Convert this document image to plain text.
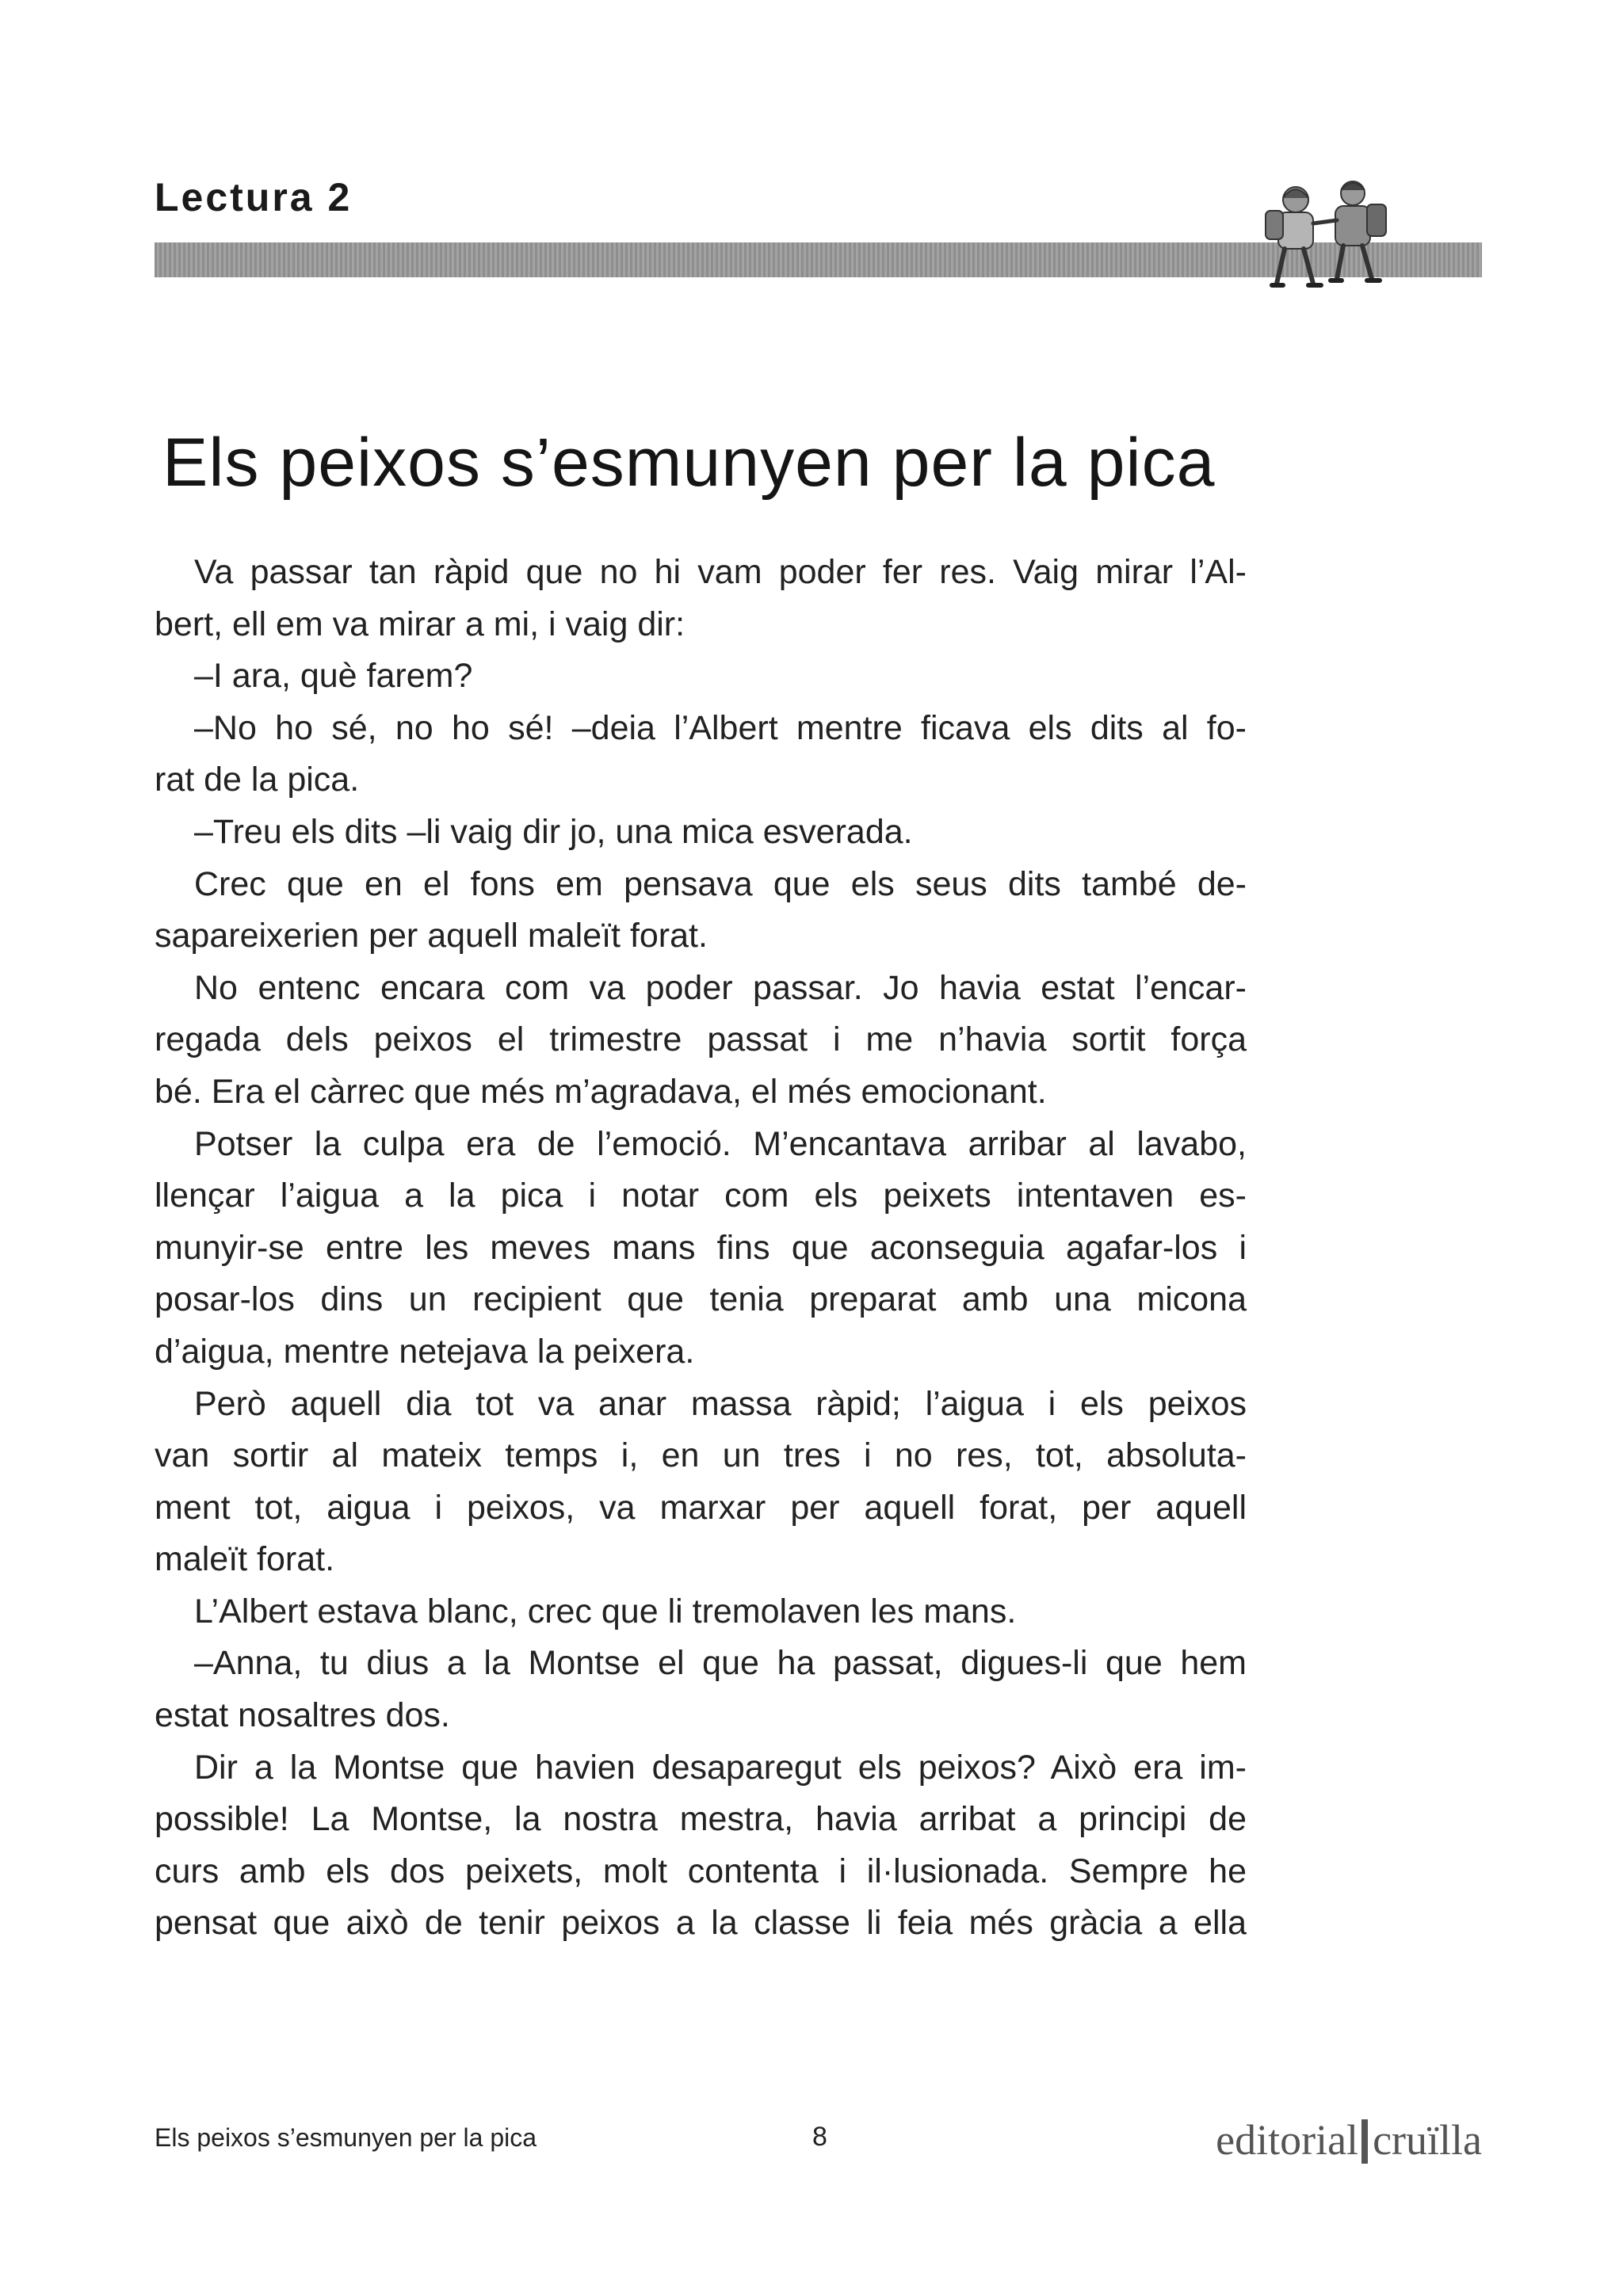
Lectura 2
Els peixos s’esmunyen per la pica
Va passar tan ràpid que no hi vam poder fer res. Vaig mirar l’Al-
bert, ell em va mirar a mi, i vaig dir:
–I ara, què farem?
–No ho sé, no ho sé! –deia l’Albert mentre ficava els dits al fo-
rat de la pica.
–Treu els dits –li vaig dir jo, una mica esverada.
Crec que en el fons em pensava que els seus dits també de-
sapareixerien per aquell maleït forat.
No entenc encara com va poder passar. Jo havia estat l’encar-
regada dels peixos el trimestre passat i me n’havia sortit força
bé. Era el càrrec que més m’agradava, el més emocionant.
Potser la culpa era de l’emoció. M’encantava arribar al lavabo,
llençar l’aigua a la pica i notar com els peixets intentaven es-
munyir-se entre les meves mans fins que aconseguia agafar-los i
posar-los dins un recipient que tenia preparat amb una micona
d’aigua, mentre netejava la peixera.
Però aquell dia tot va anar massa ràpid; l’aigua i els peixos
van sortir al mateix temps i, en un tres i no res, tot, absoluta-
ment tot, aigua i peixos, va marxar per aquell forat, per aquell
maleït forat.
L’Albert estava blanc, crec que li tremolaven les mans.
–Anna, tu dius a la Montse el que ha passat, digues-li que hem
estat nosaltres dos.
Dir a la Montse que havien desaparegut els peixos? Això era im-
possible! La Montse, la nostra mestra, havia arribat a principi de
curs amb els dos peixets, molt contenta i il·lusionada. Sempre he
pensat que això de tenir peixos a la classe li feia més gràcia a ella
Els peixos s’esmunyen per la pica	8	editorial cruïlla
